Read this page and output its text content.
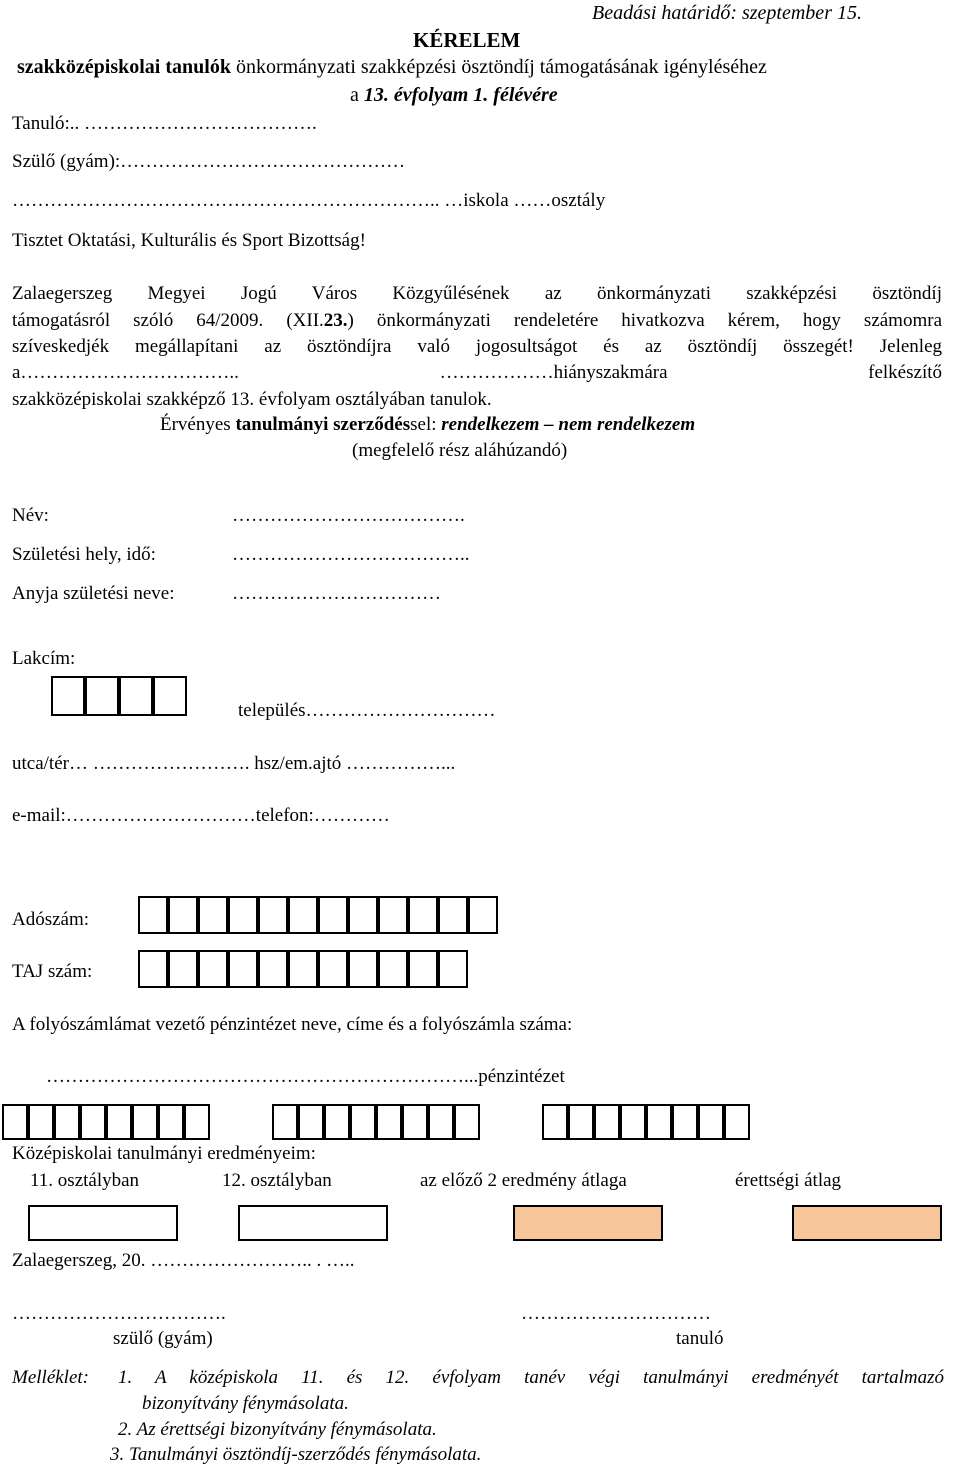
Beadási határidő: szeptember 15.
KÉRELEM
szakközépiskolai tanulók önkormányzati szakképzési ösztöndíj támogatásának igényléséhez
a 13. évfolyam 1. félévére
Tanuló:.. ……………………………….
Szülő (gyám):………………………………………
………………………………………………………….. …iskola ……osztály
Tisztet Oktatási, Kulturális és Sport Bizottság!
Zalaegerszeg Megyei Jogú Város Közgyűlésének az önkormányzati szakképzési ösztöndíj
támogatásról szóló 64/2009. (XII.23.) önkormányzati rendeletére hivatkozva kérem, hogy számomra
szíveskedjék megállapítani az ösztöndíjra való jogosultságot és az ösztöndíj összegét! Jelenleg
a…………………………….. ………………hiányszakmára felkészítő
szakközépiskolai szakképző 13. évfolyam osztályában tanulok.
Érvényes tanulmányi szerződéssel: rendelkezem – nem rendelkezem
(megfelelő rész aláhúzandó)
Név:	……………………………….
Születési hely, idő:	………………………………..
Anyja születési neve:	……………………………
Lakcím:
település…………………………
utca/tér… ……………………. hsz/em.ajtó ……………...
e-mail:…………………………telefon:…………
Adószám:
TAJ szám:
A folyószámlámat vezető pénzintézet neve, címe és a folyószámla száma:
…………………………………………………………...pénzintézet
Középiskolai tanulmányi eredményeim:
11. osztályban	12. osztályban	az előző 2 eredmény átlaga	érettségi átlag
Zalaegerszeg, 20. …………………….. . …..
…………………………….	…………………………
szülő (gyám)	tanuló
Melléklet: 1. A középiskola 11. és 12. évfolyam tanév végi tanulmányi eredményét tartalmazó
bizonyítvány fénymásolata.
2. Az érettségi bizonyítvány fénymásolata.
3. Tanulmányi ösztöndíj-szerződés fénymásolata.
